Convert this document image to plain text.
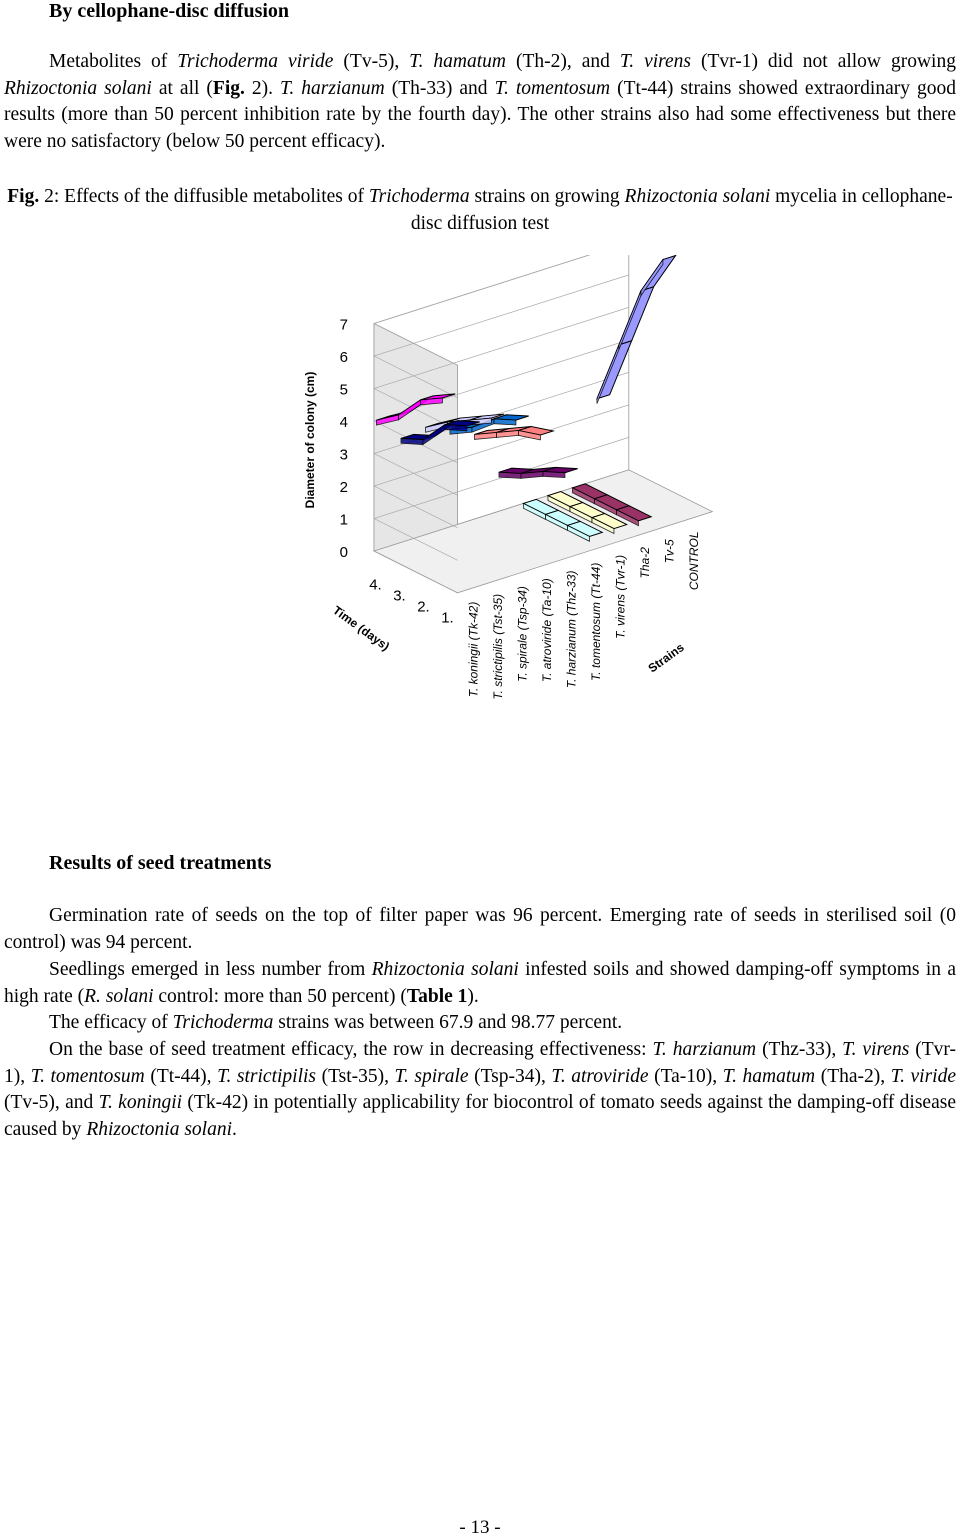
By cellophane-disc diffusion

Metabolites of Trichoderma viride (Tv-5), T. hamatum (Th-2), and T. virens (Tvr-1) did not allow growing Rhizoctonia solani at all (Fig. 2). T. harzianum (Th-33) and T. tomentosum (Tt-44) strains showed extraordinary good results (more than 50 percent inhibition rate by the fourth day). The other strains also had some effectiveness but there were no satisfactory (below 50 percent efficacy).

Fig. 2: Effects of the diffusible metabolites of Trichoderma strains on growing Rhizoctonia solani mycelia in cellophane-disc diffusion test

0
1
2
3
4
5
6
7
Diameter of colony (cm)
4.
3.
2.
1.
Time (days)	T. koningii (Tk-42) T. strictipilis (Tst-35) T. spirale (Tsp-34) T. atroviride (Ta-10) T. harzianum (Thz-33) T. tomentosum (Tt-44) T. virens (Tvr-1) Tha-2 Tv-5 CONTROL
Strains
Results of seed treatments

Germination rate of seeds on the top of filter paper was 96 percent. Emerging rate of seeds in sterilised soil (0 control) was 94 percent.

Seedlings emerged in less number from Rhizoctonia solani infested soils and showed damping-off symptoms in a high rate (R. solani control: more than 50 percent) (Table 1).

The efficacy of Trichoderma strains was between 67.9 and 98.77 percent.

On the base of seed treatment efficacy, the row in decreasing effectiveness: T. harzianum (Thz-33), T. virens (Tvr-1), T. tomentosum (Tt-44), T. strictipilis (Tst-35), T. spirale (Tsp-34), T. atroviride (Ta-10), T. hamatum (Tha-2), T. viride (Tv-5), and T. koningii (Tk-42) in potentially applicability for biocontrol of tomato seeds against the damping-off disease caused by Rhizoctonia solani.

- 13 -
